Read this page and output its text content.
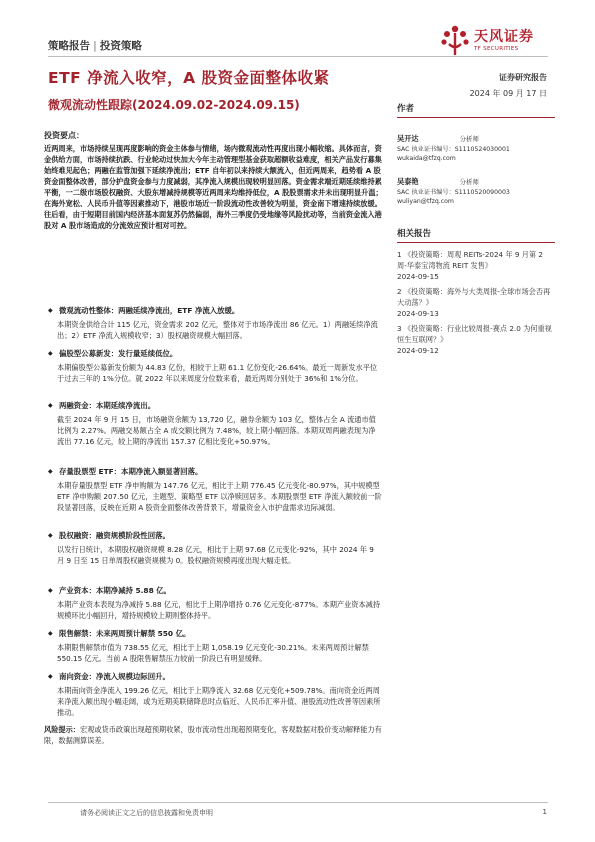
策略报告 | 投资策略
天风证券
TF SECURITIES
ETF 净流入收窄，A 股资金面整体收紧	证券研究报告
2024 年 09 月 17 日
微观流动性跟踪(2024.09.02-2024.09.15)
投资要点：
近两周来，市场持续呈现再度影响的资金主体参与情绪，场内微观流动性再度出现小幅收缩。具体而言，资金供给方面，市场持续抗跌、行业轮动过快加大今年主动管理型基金获取超额收益难度，相关产品发行募集始终难见起色；两融在监管加强下延续净流出；ETF 自年初以来持续大额流入，但近两周来，趋势看 A 股资金面整体改善，部分护盘资金参与力度减弱，其净流入规模出现较明显回落。资金需求端近期延续维持累平衡，一二级市场股权融资、大股东增减持规模等近两周来均维持低位，A 股股票需求并未出现明显升温；在海外宽松、人民币升值等因素推动下，港股市场近一阶段流动性改善较为明显，资金南下增速持续放缓。往后看，由于短期目前国内经济基本面复苏仍然偏弱，海外三季度仍受地缘等风险扰动等，当前资金流入港股对 A 股市场造成的分流效应预计相对可控。
◆ 微观流动性整体：两融延续净流出，ETF 净流入放缓。
本期资金供给合计 115 亿元，资金需求 202 亿元，整体对于市场净流出 86 亿元。1）两融延续净流出；2）ETF 净流入规模收窄；3）股权融资规模大幅回落。
◆ 偏股型公募新发：发行量延续低位。
本期偏股型公募新发份额为 44.83 亿份，相较于上期 61.1 亿份变化-26.64%。最近一周新发水平位于过去三年的 1%分位。就 2022 年以来周度分位数来看，最近两周分别处于 36%和 1%分位。
◆ 两融资金：本期延续净流出。
截至 2024 年 9 月 15 日，市场融资余额为 13,720 亿，融券余额为 103 亿，整体占全 A 流通市值比例为 2.27%。两融交易额占全 A 成交额比例为 7.48%，较上期小幅回落。本期双周两融表现为净流出 77.16 亿元，较上期的净流出 157.37 亿相比变化+50.97%。
◆ 存量股票型 ETF：本期净流入额显著回落。
本期存量股票型 ETF 净申购额为 147.76 亿元，相比于上期 776.45 亿元变化-80.97%，其中规模型 ETF 净申购额 207.50 亿元，主题型、策略型 ETF 以净赎回居多。本期股票型 ETF 净流入额较前一阶段显著回落，反映在近期 A 股资金面整体改善背景下，增量资金入市护盘需求边际减弱。
◆ 股权融资：融资规模阶段性回落。
以发行日统计，本期股权融资规模 8.28 亿元，相比于上期 97.68 亿元变化-92%，其中 2024 年 9 月 9 日至 15 日单周股权融资规模为 0。股权融资规模再度出现大幅走低。
◆ 产业资本：本期净减持 5.88 亿。
本期产业资本表现为净减持 5.88 亿元，相比于上期净增持 0.76 亿元变化-877%。本期产业资本减持规模环比小幅回升，增持规模较上期则整体持平。
◆ 限售解禁：未来两周预计解禁 550 亿。
本期限售解禁市值为 738.55 亿元，相比于上期 1,058.19 亿元变化-30.21%。未来两周预计解禁 550.15 亿元。当前 A 股限售解禁压力较前一阶段已有明显缓释。
◆ 南向资金：净流入规模边际回升。
本期南向资金净流入 199.26 亿元，相比于上期净流入 32.68 亿元变化+509.78%。南向资金近两周来净流入额出现小幅走阔，或为近期美联储降息时点临近、人民币汇率升值、港股流动性改善等因素所推动。
风险提示：宏观或货币政策出现超预期收紧，股市流动性出现超预期变化，客观数据对股价变动解释能力有限，数据测算误差。
作者
吴开达	分析师
SAC 执业证书编号：S1110524030001
wukaida@tfzq.com
吴泰艳	分析师
SAC 执业证书编号：S1110520090003
wuliyan@tfzq.com
相关报告
1 《投资策略：周观 REITs-2024 年 9 月第 2 周-华泰宝湾物流 REIT 发售》
2024-09-15
2 《投资策略：海外与大类周报-全球市场会否再大动荡？》
2024-09-13
3 《投资策略：行业比较周报-赛点 2.0 为何重视恒生互联网？》
2024-09-12
请务必阅读正文之后的信息披露和免责申明	1
